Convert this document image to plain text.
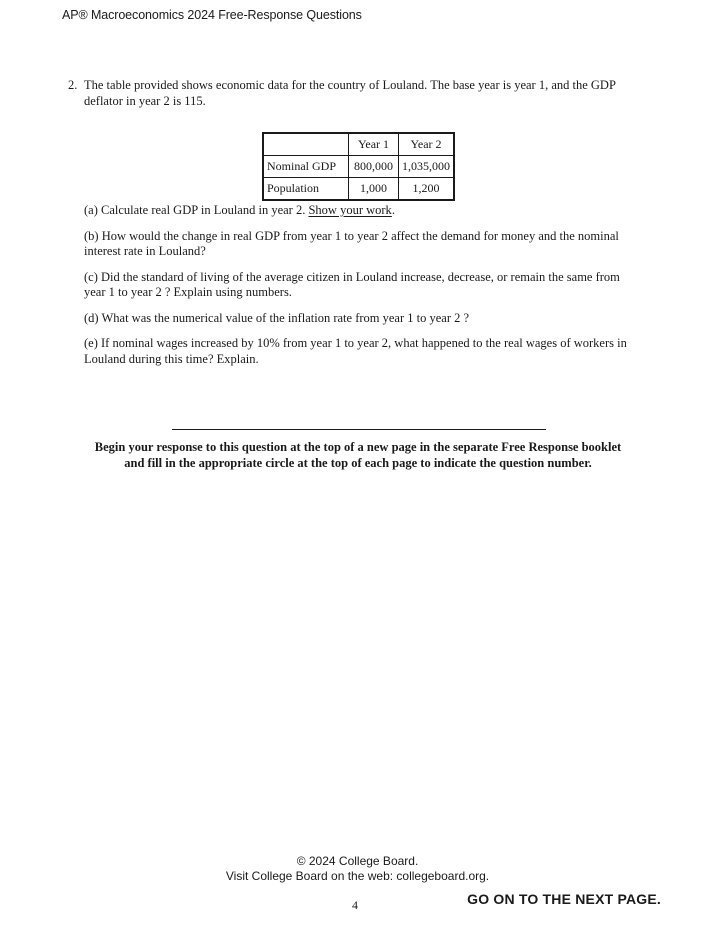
AP® Macroeconomics 2024 Free-Response Questions
2. The table provided shows economic data for the country of Louland. The base year is year 1, and the GDP deflator in year 2 is 115.
	Year 1	Year 2
Nominal GDP	800,000	1,035,000
Population	1,000	1,200

(a) Calculate real GDP in Louland in year 2. Show your work.

(b) How would the change in real GDP from year 1 to year 2 affect the demand for money and the nominal interest rate in Louland?

(c) Did the standard of living of the average citizen in Louland increase, decrease, or remain the same from year 1 to year 2 ? Explain using numbers.

(d) What was the numerical value of the inflation rate from year 1 to year 2 ?

(e) If nominal wages increased by 10% from year 1 to year 2, what happened to the real wages of workers in Louland during this time? Explain.

Begin your response to this question at the top of a new page in the separate Free Response booklet
and fill in the appropriate circle at the top of each page to indicate the question number.
© 2024 College Board.
Visit College Board on the web: collegeboard.org.
4	GO ON TO THE NEXT PAGE.
